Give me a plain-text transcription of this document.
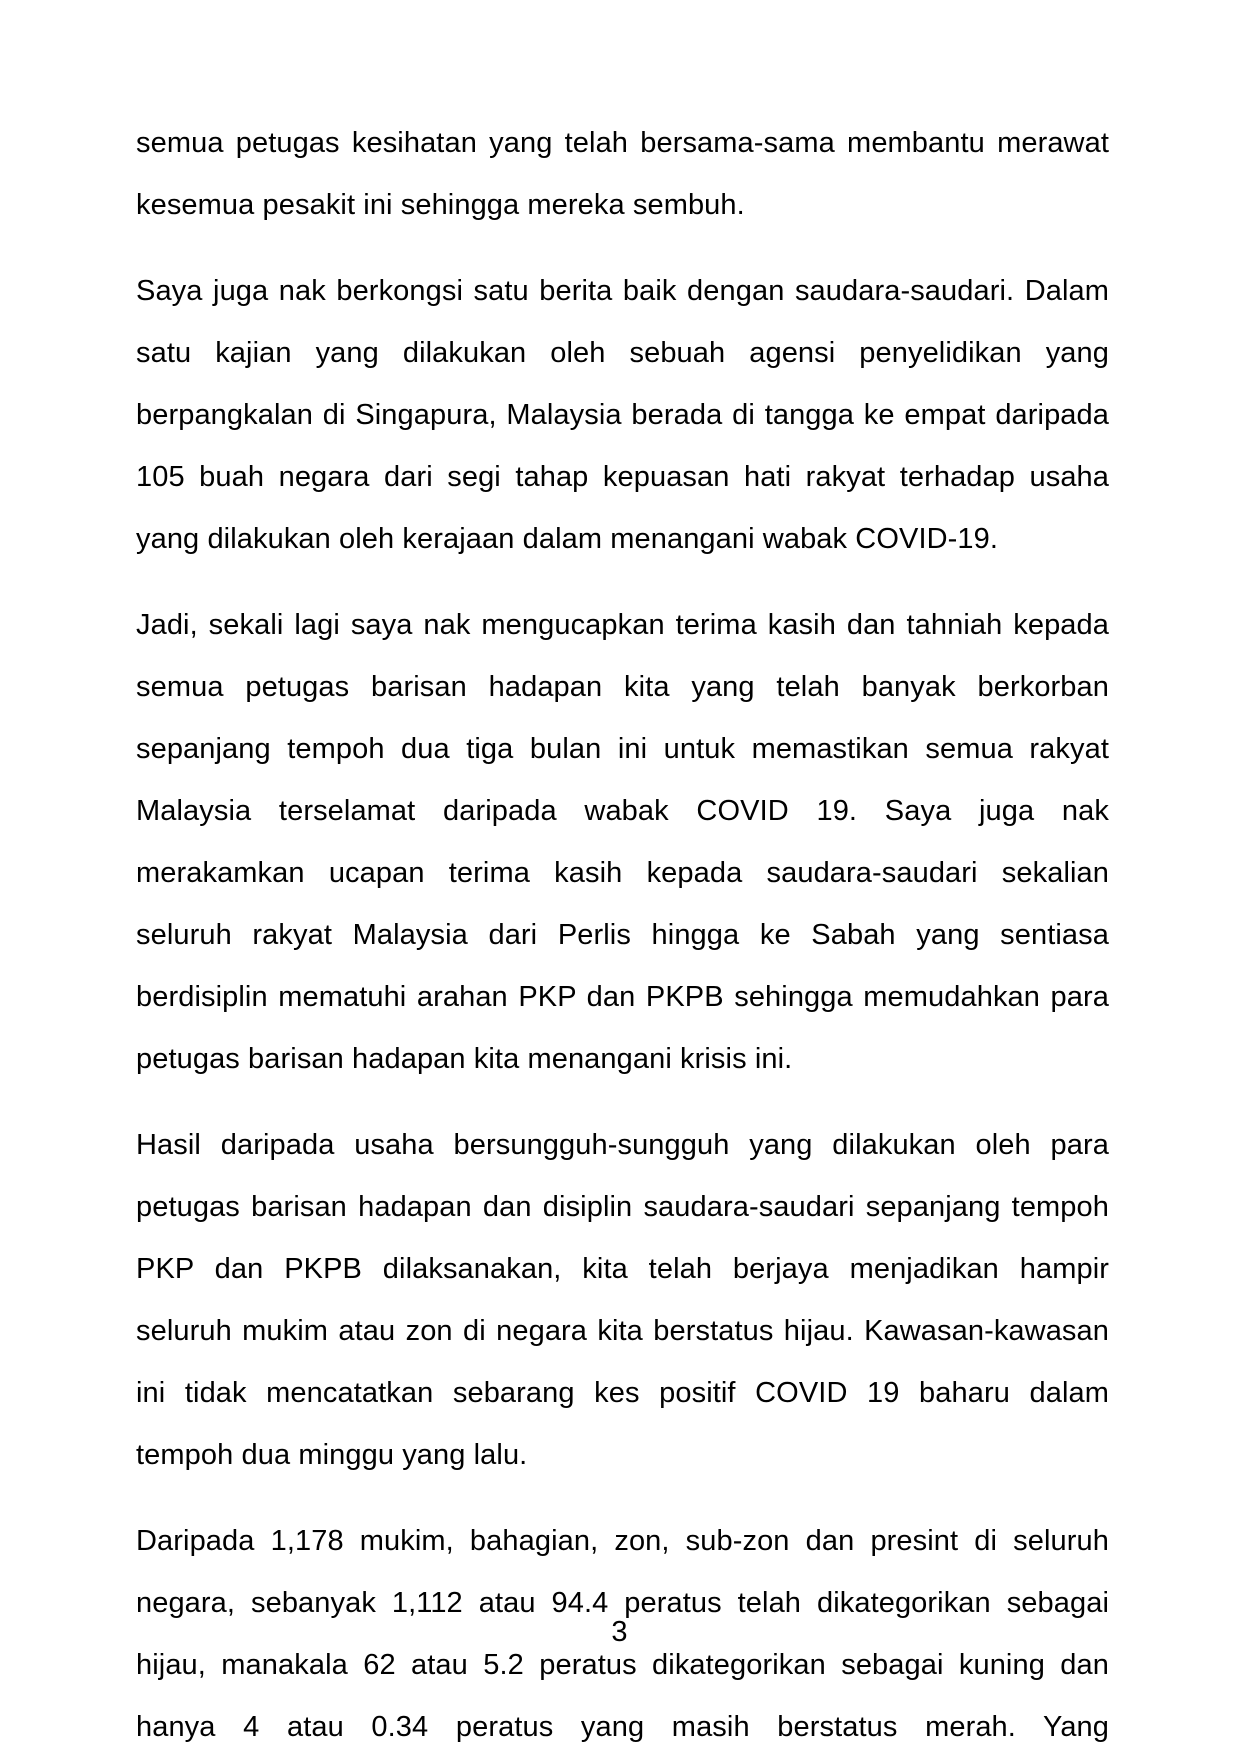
semua petugas kesihatan yang telah bersama-sama membantu merawat kesemua pesakit ini sehingga mereka sembuh.

Saya juga nak berkongsi satu berita baik dengan saudara-saudari. Dalam satu kajian yang dilakukan oleh sebuah agensi penyelidikan yang berpangkalan di Singapura, Malaysia berada di tangga ke empat daripada 105 buah negara dari segi tahap kepuasan hati rakyat terhadap usaha yang dilakukan oleh kerajaan dalam menangani wabak COVID-19.

Jadi, sekali lagi saya nak mengucapkan terima kasih dan tahniah kepada semua petugas barisan hadapan kita yang telah banyak berkorban sepanjang tempoh dua tiga bulan ini untuk memastikan semua rakyat Malaysia terselamat daripada wabak COVID 19. Saya juga nak merakamkan ucapan terima kasih kepada saudara-saudari sekalian seluruh rakyat Malaysia dari Perlis hingga ke Sabah yang sentiasa berdisiplin mematuhi arahan PKP dan PKPB sehingga memudahkan para petugas barisan hadapan kita menangani krisis ini.

Hasil daripada usaha bersungguh-sungguh yang dilakukan oleh para petugas barisan hadapan dan disiplin saudara-saudari sepanjang tempoh PKP dan PKPB dilaksanakan, kita telah berjaya menjadikan hampir seluruh mukim atau zon di negara kita berstatus hijau. Kawasan-kawasan ini tidak mencatatkan sebarang kes positif COVID 19 baharu dalam tempoh dua minggu yang lalu.

Daripada 1,178 mukim, bahagian, zon, sub-zon dan presint di seluruh negara, sebanyak 1,112 atau 94.4 peratus telah dikategorikan sebagai hijau, manakala 62 atau 5.2 peratus dikategorikan sebagai kuning dan hanya 4 atau 0.34 peratus yang masih berstatus merah. Yang

3
